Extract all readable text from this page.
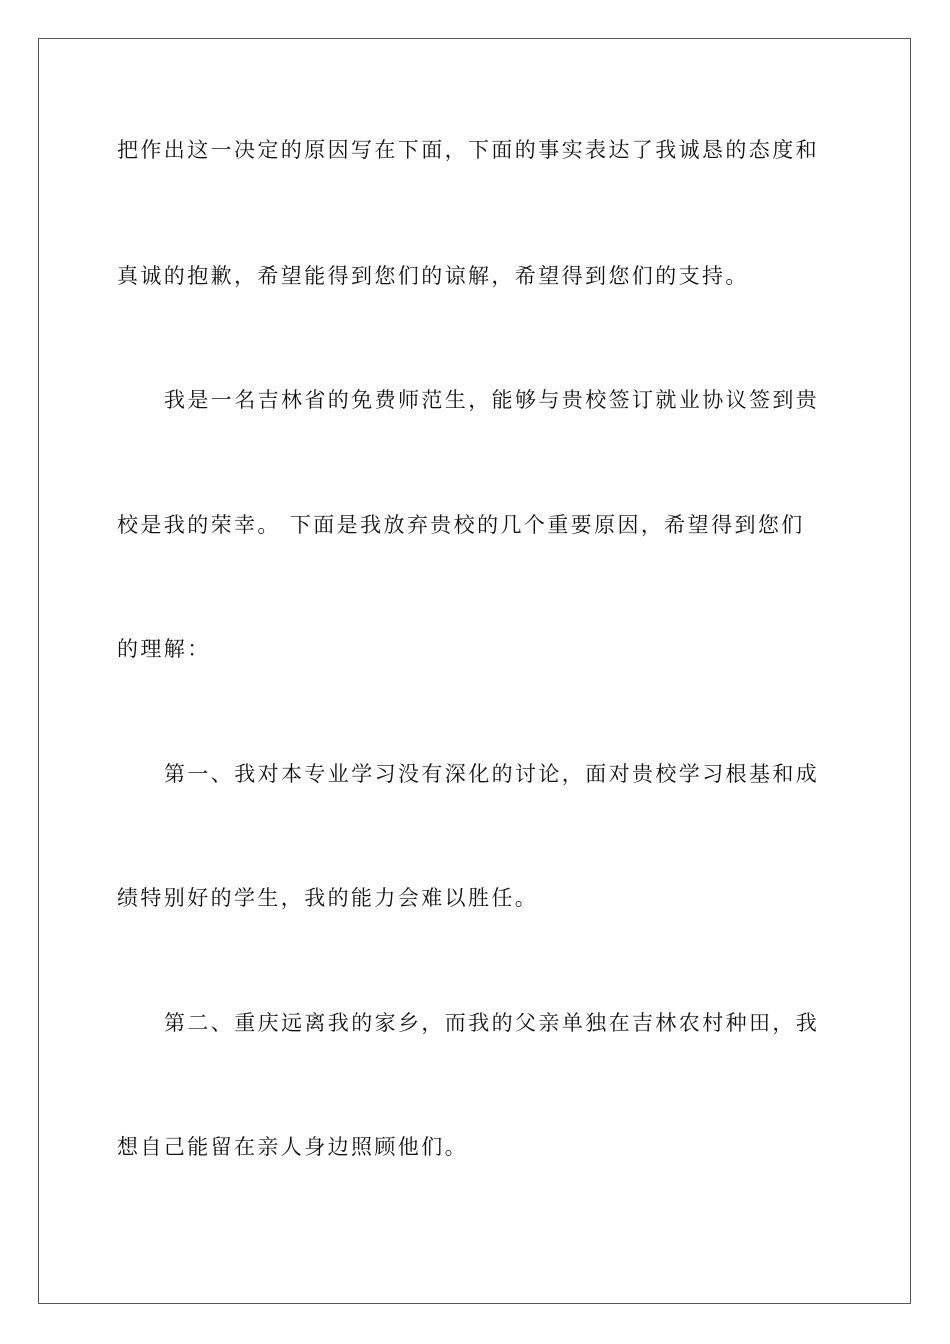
把作出这一决定的原因写在下面，下面的事实表达了我诚恳的态度和
真诚的抱歉，希望能得到您们的谅解，希望得到您们的支持。
我是一名吉林省的免费师范生，能够与贵校签订就业协议签到贵
校是我的荣幸。 下面是我放弃贵校的几个重要原因，希望得到您们
的理解：
第一、我对本专业学习没有深化的讨论，面对贵校学习根基和成
绩特别好的学生，我的能力会难以胜任。
第二、重庆远离我的家乡，而我的父亲单独在吉林农村种田，我
想自己能留在亲人身边照顾他们。
